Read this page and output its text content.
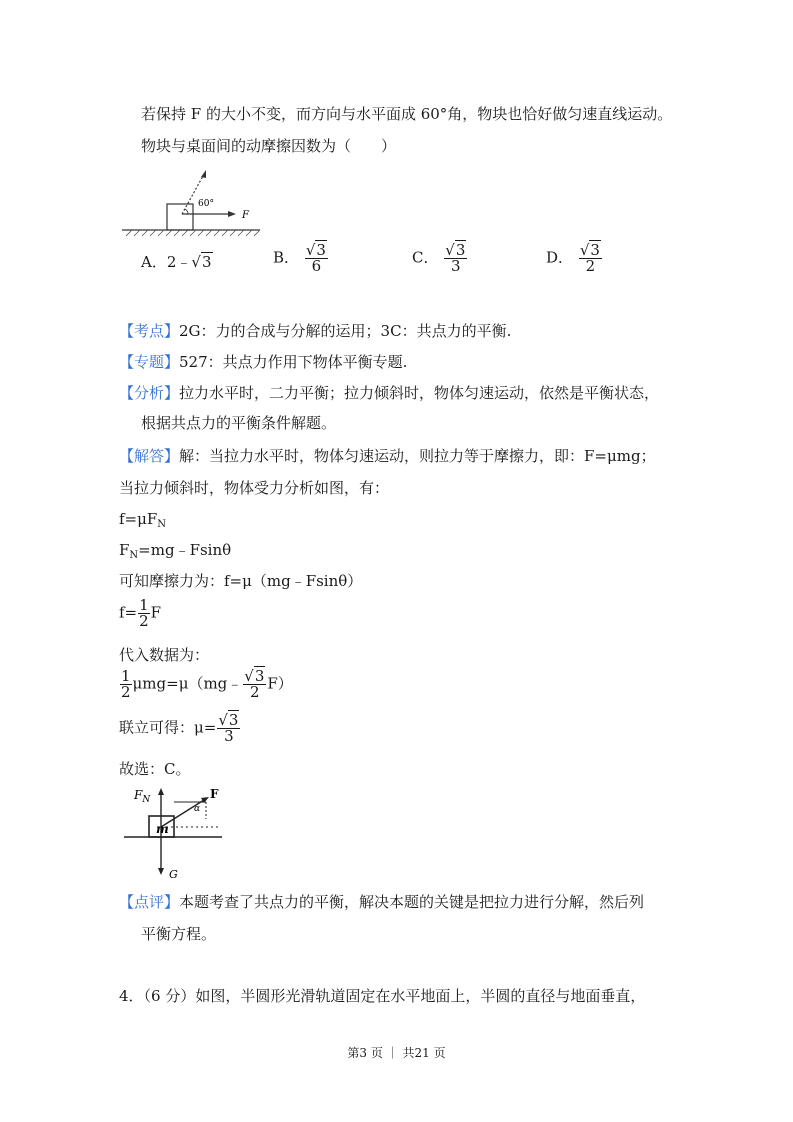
若保持 F 的大小不变，而方向与水平面成 60°角，物块也恰好做匀速直线运动。
物块与桌面间的动摩擦因数为（　　）
60°
F
A．2﹣√3	B． $\frac{√3}{6}$	C． $\frac{√3}{3}$	D． $\frac{√3}{2}$
【考点】2G：力的合成与分解的运用；3C：共点力的平衡.
【专题】527：共点力作用下物体平衡专题.
【分析】拉力水平时，二力平衡；拉力倾斜时，物体匀速运动，依然是平衡状态，
根据共点力的平衡条件解题。
【解答】解：当拉力水平时，物体匀速运动，则拉力等于摩擦力，即：F=μmg；
当拉力倾斜时，物体受力分析如图，有：
$f=\mu F_N$
$F_N=mg﹣Fsin\theta$
可知摩擦力为：f=μ（mg﹣Fsinθ）
$f= \frac{1}{2}$ F
代入数据为：
$\frac{1}{2}$ μmg=μ（mg﹣ $\frac{√3}{2} F$）
联立可得：$\mu= \frac{√3}{3}$
故选：C。
$F_N$	F
α
m
G
【点评】本题考查了共点力的平衡，解决本题的关键是把拉力进行分解，然后列
平衡方程。
4．（6 分）如图，半圆形光滑轨道固定在水平地面上，半圆的直径与地面垂直，
第3 页 ｜ 共21 页
